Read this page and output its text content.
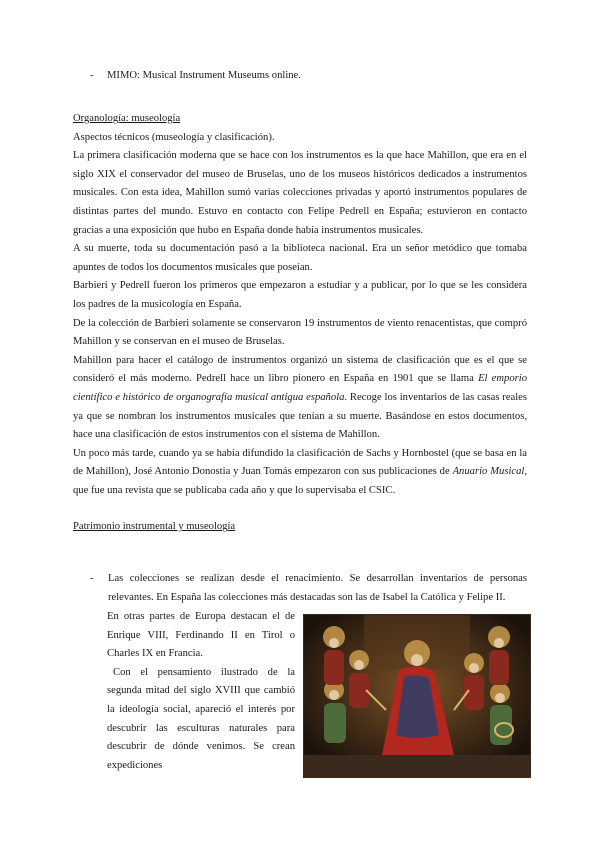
-	MIMO: Musical Instrument Museums online.

Organología: museología

Aspectos técnicos (museología y clasificación).

La primera clasificación moderna que se hace con los instrumentos es la que hace Mahillon, que era en el siglo XIX el conservador del museo de Bruselas, uno de los museos históricos dedicados a instrumentos musicales. Con esta idea, Mahillon sumó varias colecciones privadas y aportó instrumentos populares de distintas partes del mundo. Estuvo en contacto con Felipe Pedrell en España; estuvieron en contacto gracias a una exposición que hubo en España donde había instrumentos musicales.

A su muerte, toda su documentación pasó a la biblioteca nacional. Era un señor metódico que tomaba apuntes de todos los documentos musicales que poseían.

Barbieri y Pedrell fueron los primeros que empezaron a estudiar y a publicar, por lo que se les considera los padres de la musicología en España.

De la colección de Barbieri solamente se conservaron 19 instrumentos de viento renacentistas, que compró Mahillon y se conservan en el museo de Bruselas.

Mahillon para hacer el catálogo de instrumentos organizó un sistema de clasificación que es el que se consideró el más moderno. Pedrell hace un libro pionero en España en 1901 que se llama El emporio científico e histórico de organografía musical antigua española. Recoge los inventarios de las casas reales ya que se nombran los instrumentos musicales que tenían a su muerte. Basándose en estos documentos, hace una clasificación de estos instrumentos con el sistema de Mahillon.

Un poco más tarde, cuando ya se había difundido la clasificación de Sachs y Hornbostel (que se basa en la de Mahillon), José Antonio Donostia y Juan Tomás empezaron con sus publicaciones de Anuario Musical, que fue una revista que se publicaba cada año y que lo supervisaba el CSIC.

Patrimonio instrumental y museología

- Las colecciones se realizan desde el renacimiento. Se desarrollan inventarios de personas relevantes. En España las colecciones más destacadas son las de Isabel la Católica y Felipe II.
En otras partes de Europa destacan el de Enrique VIII, Ferdinando II en Tirol o Charles IX en Francia.
Con el pensamiento ilustrado de la segunda mitad del siglo XVIII que cambió la ideología social, apareció el interés por descubrir las esculturas naturales para descubrir de dónde venimos. Se crean expediciones
